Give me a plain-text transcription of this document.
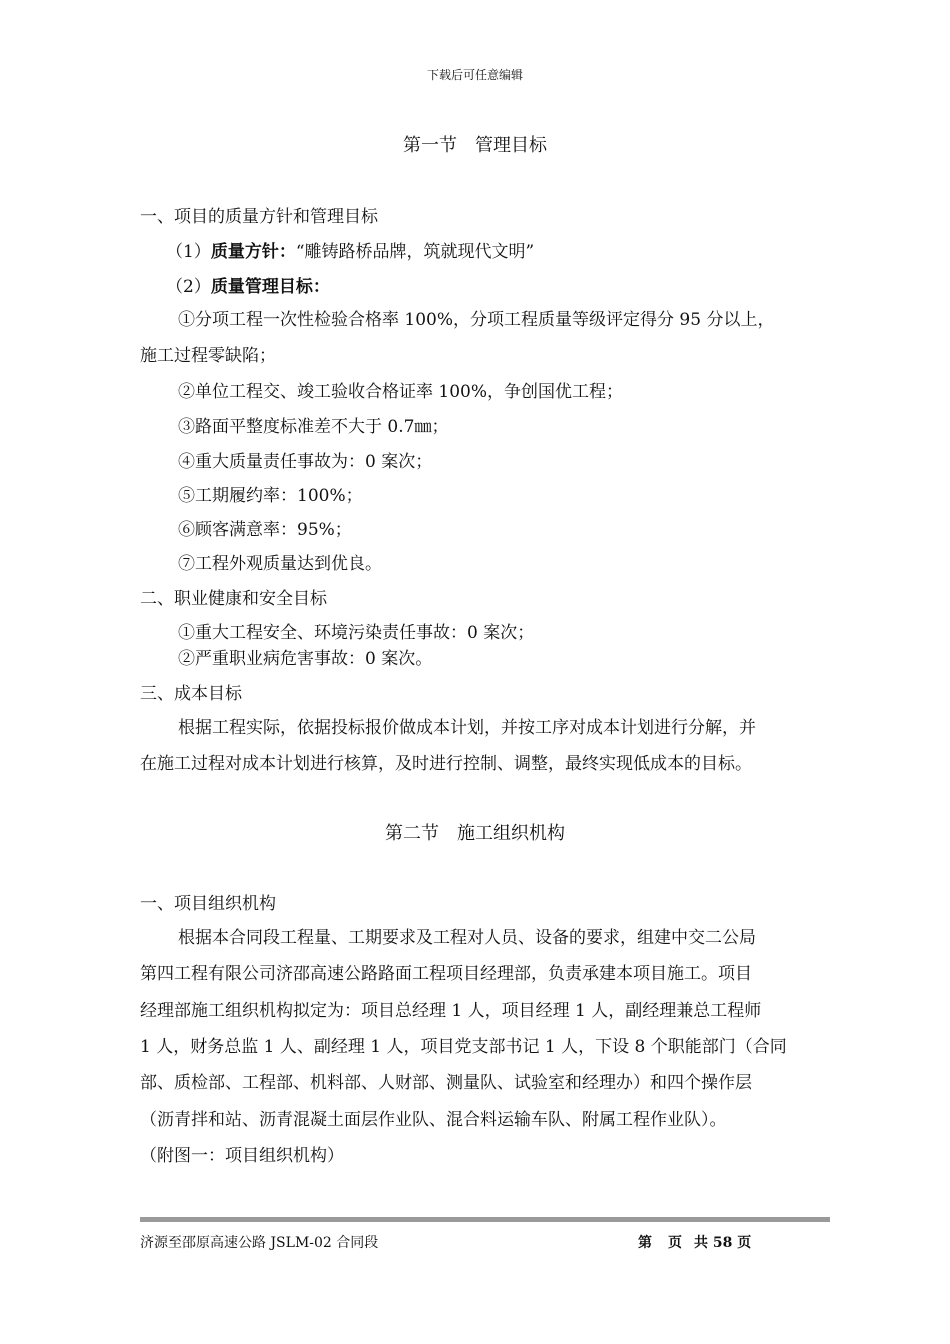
下载后可任意编辑
第一节　管理目标
一、项目的质量方针和管理目标
（1）质量方针：“雕铸路桥品牌，筑就现代文明”
（2）质量管理目标：
①分项工程一次性检验合格率 100%，分项工程质量等级评定得分 95 分以上，
施工过程零缺陷；
②单位工程交、竣工验收合格证率 100%，争创国优工程；
③路面平整度标准差不大于 0.7㎜；
④重大质量责任事故为：0 案次；
⑤工期履约率：100%；
⑥顾客满意率：95%；
⑦工程外观质量达到优良。
二、职业健康和安全目标
①重大工程安全、环境污染责任事故：0 案次；
②严重职业病危害事故：0 案次。
三、成本目标
根据工程实际，依据投标报价做成本计划，并按工序对成本计划进行分解，并
在施工过程对成本计划进行核算，及时进行控制、调整，最终实现低成本的目标。
第二节　施工组织机构
一、项目组织机构
根据本合同段工程量、工期要求及工程对人员、设备的要求，组建中交二公局
第四工程有限公司济邵高速公路路面工程项目经理部，负责承建本项目施工。项目
经理部施工组织机构拟定为：项目总经理 1 人，项目经理 1 人，副经理兼总工程师
1 人，财务总监 1 人、副经理 1 人，项目党支部书记 1 人，下设 8 个职能部门（合同
部、质检部、工程部、机料部、人财部、测量队、试验室和经理办）和四个操作层
（沥青拌和站、沥青混凝土面层作业队、混合料运输车队、附属工程作业队）。
（附图一：项目组织机构）
济源至邵原高速公路 JSLM-02 合同段	第 页 共 58 页
